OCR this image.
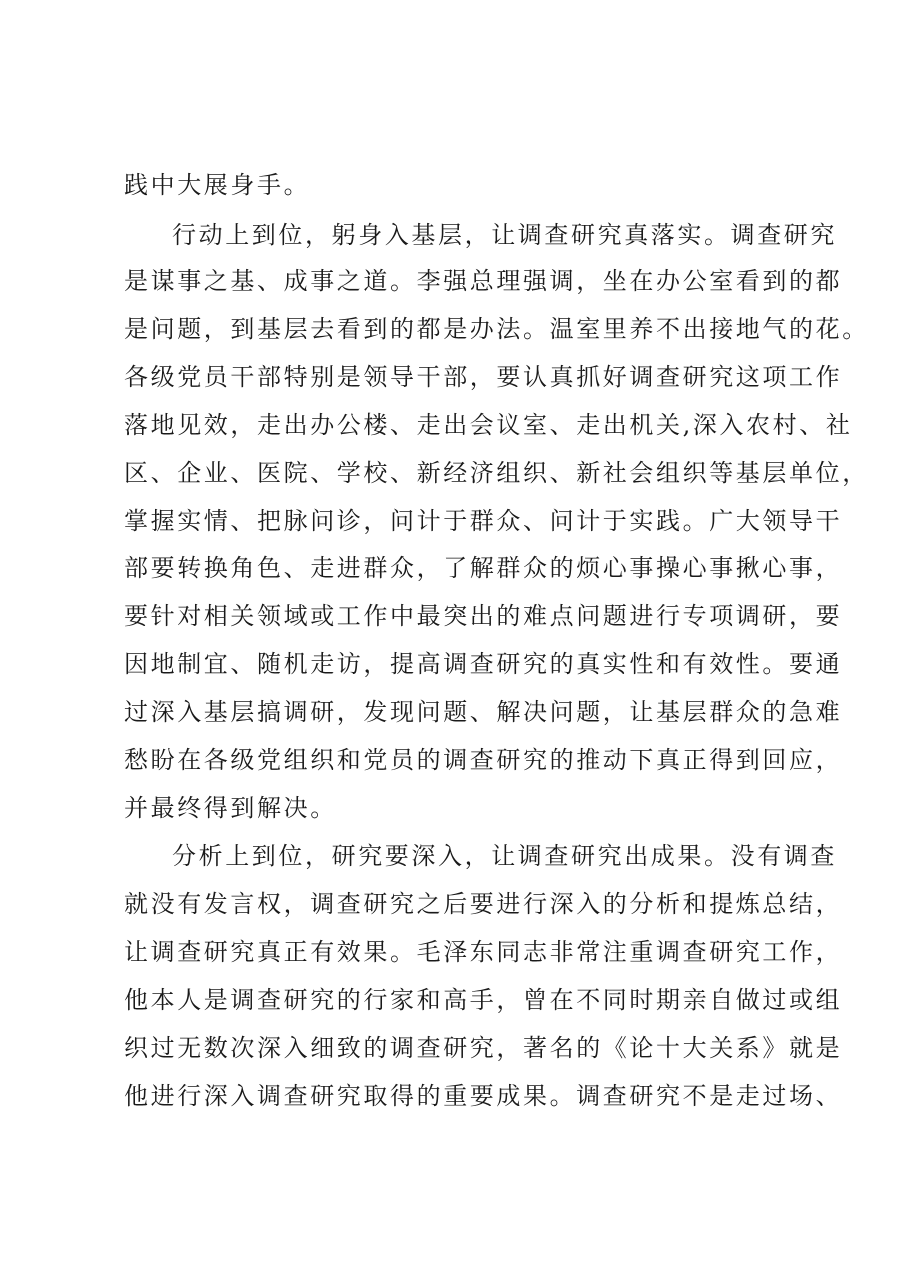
践中大展身手。
行动上到位，躬身入基层，让调查研究真落实。调查研究
是谋事之基、成事之道。李强总理强调，坐在办公室看到的都
是问题，到基层去看到的都是办法。温室里养不出接地气的花。
各级党员干部特别是领导干部，要认真抓好调查研究这项工作
落地见效，走出办公楼、走出会议室、走出机关,深入农村、社
区、企业、医院、学校、新经济组织、新社会组织等基层单位，
掌握实情、把脉问诊，问计于群众、问计于实践。广大领导干
部要转换角色、走进群众，了解群众的烦心事操心事揪心事，
要针对相关领域或工作中最突出的难点问题进行专项调研，要
因地制宜、随机走访，提高调查研究的真实性和有效性。要通
过深入基层搞调研，发现问题、解决问题，让基层群众的急难
愁盼在各级党组织和党员的调查研究的推动下真正得到回应，
并最终得到解决。
分析上到位，研究要深入，让调查研究出成果。没有调查
就没有发言权，调查研究之后要进行深入的分析和提炼总结，
让调查研究真正有效果。毛泽东同志非常注重调查研究工作，
他本人是调查研究的行家和高手，曾在不同时期亲自做过或组
织过无数次深入细致的调查研究，著名的《论十大关系》就是
他进行深入调查研究取得的重要成果。调查研究不是走过场、
